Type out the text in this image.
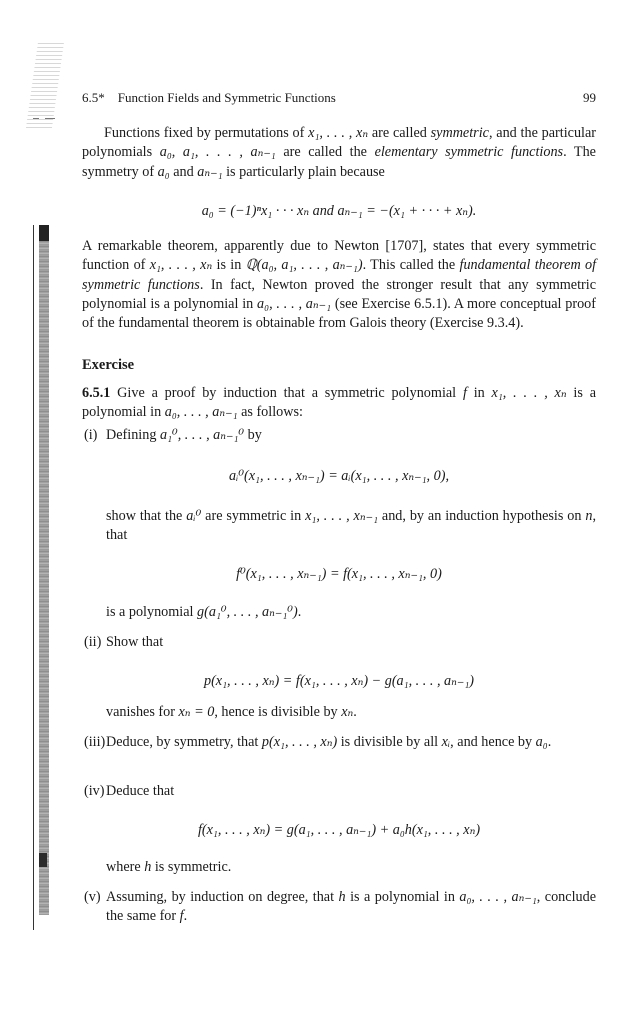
6.5* Function Fields and Symmetric Functions	99
Functions fixed by permutations of x₁, . . . , xₙ are called symmetric, and the particular polynomials a₀, a₁, . . . , aₙ₋₁ are called the elementary symmetric functions. The symmetry of a₀ and aₙ₋₁ is particularly plain because
a₀ = (−1)ⁿx₁ · · · xₙ and aₙ₋₁ = −(x₁ + · · · + xₙ).
A remarkable theorem, apparently due to Newton [1707], states that every symmetric function of x₁, . . . , xₙ is in ℚ(a₀, a₁, . . . , aₙ₋₁). This called the fundamental theorem of symmetric functions. In fact, Newton proved the stronger result that any symmetric polynomial is a polynomial in a₀, . . . , aₙ₋₁ (see Exercise 6.5.1). A more conceptual proof of the fundamental theorem is obtainable from Galois theory (Exercise 9.3.4).
Exercise
6.5.1 Give a proof by induction that a symmetric polynomial f in x₁, . . . , xₙ is a polynomial in a₀, . . . , aₙ₋₁ as follows:
(i) Defining a₁⁰, . . . , aₙ₋₁⁰ by
aᵢ⁰(x₁, . . . , xₙ₋₁) = aᵢ(x₁, . . . , xₙ₋₁, 0),
show that the aᵢ⁰ are symmetric in x₁, . . . , xₙ₋₁ and, by an induction hypothesis on n, that
f⁰(x₁, . . . , xₙ₋₁) = f(x₁, . . . , xₙ₋₁, 0)
is a polynomial g(a₁⁰, . . . , aₙ₋₁⁰).
(ii) Show that
p(x₁, . . . , xₙ) = f(x₁, . . . , xₙ) − g(a₁, . . . , aₙ₋₁)
vanishes for xₙ = 0, hence is divisible by xₙ.
(iii) Deduce, by symmetry, that p(x₁, . . . , xₙ) is divisible by all xᵢ, and hence by a₀.
(iv) Deduce that
f(x₁, . . . , xₙ) = g(a₁, . . . , aₙ₋₁) + a₀h(x₁, . . . , xₙ)
where h is symmetric.
(v) Assuming, by induction on degree, that h is a polynomial in a₀, . . . , aₙ₋₁, conclude the same for f.
